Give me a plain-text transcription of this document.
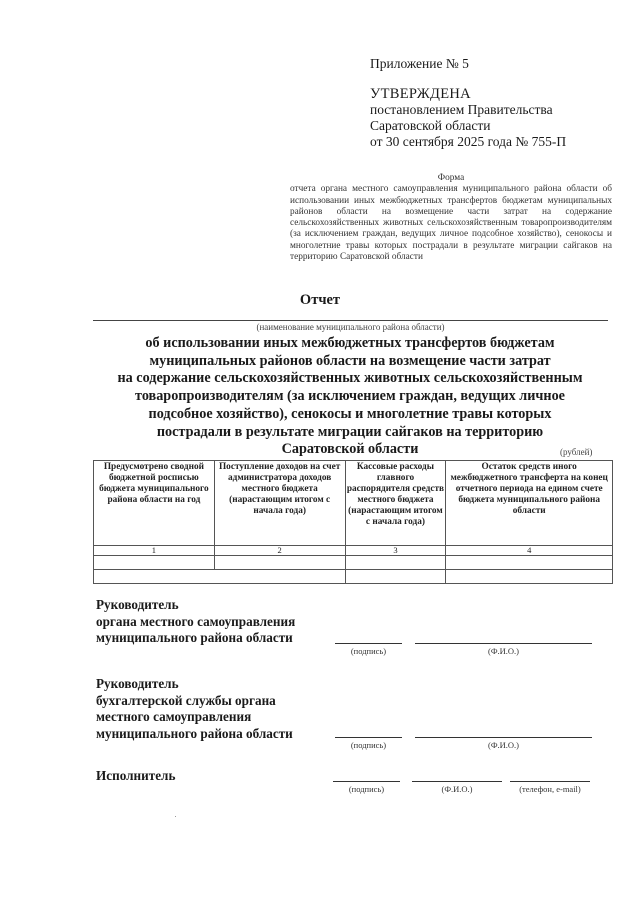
Приложение № 5
УТВЕРЖДЕНА
постановлением Правительства
Саратовской области
от 30 сентября 2025 года № 755-П
Форма

отчета органа местного самоуправления муниципального района области об использовании иных межбюджетных трансфертов бюджетам муниципальных районов области на возмещение части затрат на содержание сельскохозяйственных животных сельскохозяйственным товаропроизводителям (за исключением граждан, ведущих личное подсобное хозяйство), сенокосы и многолетние травы которых пострадали в результате миграции сайгаков на территорию Саратовской области

Отчет
(наименование муниципального района области)
об использовании иных межбюджетных трансфертов бюджетам
муниципальных районов области на возмещение части затрат
на содержание сельскохозяйственных животных сельскохозяйственным
товаропроизводителям (за исключением граждан, ведущих личное
подсобное хозяйство), сенокосы и многолетние травы которых
пострадали в результате миграции сайгаков на территорию
Саратовской области	(рублей)
Предусмотрено сводной бюджетной росписью бюджета муниципального района области на год	Поступление доходов на счет администратора доходов местного бюджета (нарастающим итогом с начала года)	Кассовые расходы главного распорядителя средств местного бюджета (нарастающим итогом с начала года)	Остаток средств иного межбюджетного трансферта на конец отчетного периода на едином счете бюджета муниципального района области
1	2	3	4

Руководитель
органа местного самоуправления
муниципального района области
(подпись)	(Ф.И.О.)
Руководитель
бухгалтерской службы органа
местного самоуправления
муниципального района области
(подпись)	(Ф.И.О.)
Исполнитель
(подпись)	(Ф.И.О.)	(телефон, e-mail)
